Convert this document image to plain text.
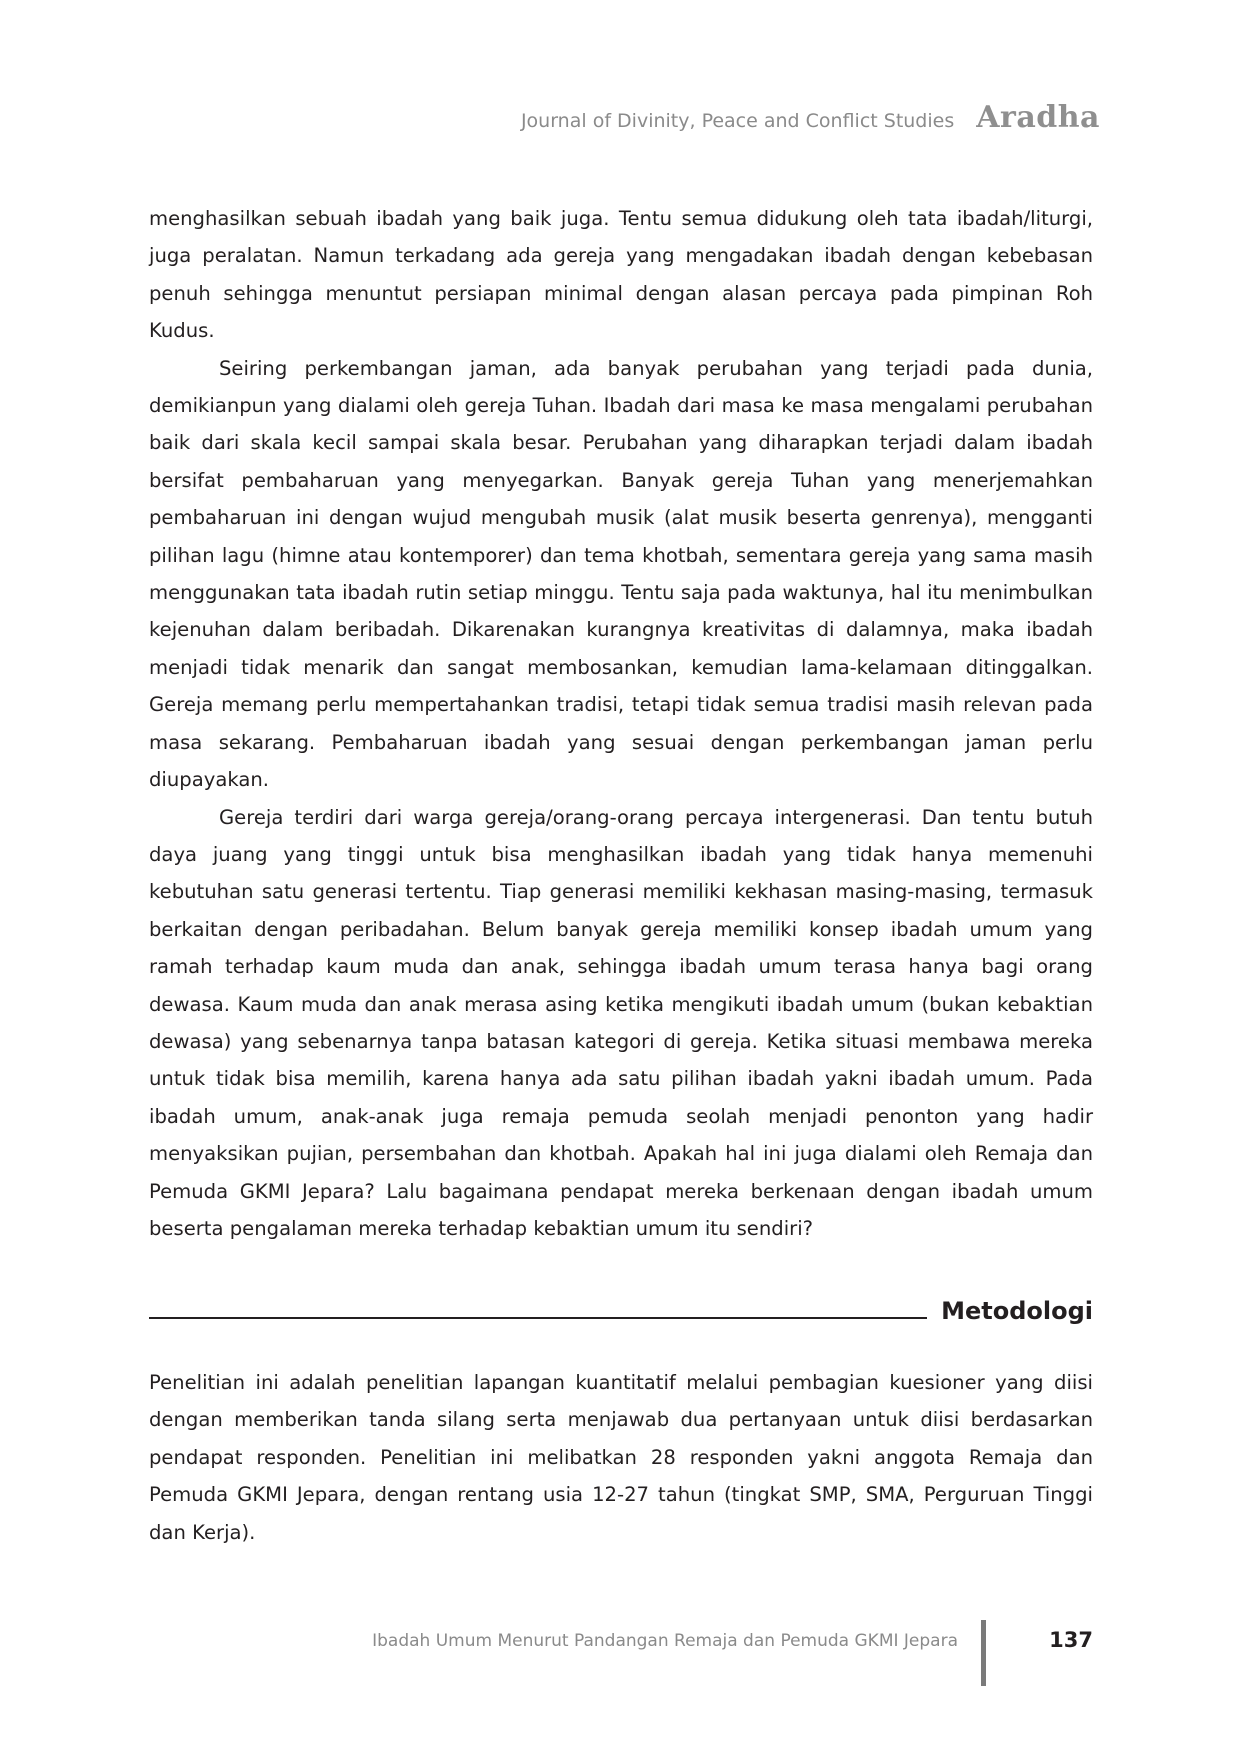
Journal of Divinity, Peace and Conflict Studies Aradha

menghasilkan sebuah ibadah yang baik juga. Tentu semua didukung oleh tata ibadah/liturgi, juga peralatan. Namun terkadang ada gereja yang mengadakan ibadah dengan kebebasan penuh sehingga menuntut persiapan minimal dengan alasan percaya pada pimpinan Roh Kudus.

Seiring perkembangan jaman, ada banyak perubahan yang terjadi pada dunia, demikianpun yang dialami oleh gereja Tuhan. Ibadah dari masa ke masa mengalami perubahan baik dari skala kecil sampai skala besar. Perubahan yang diharapkan terjadi dalam ibadah bersifat pembaharuan yang menyegarkan. Banyak gereja Tuhan yang menerjemahkan pembaharuan ini dengan wujud mengubah musik (alat musik beserta genrenya), mengganti pilihan lagu (himne atau kontemporer) dan tema khotbah, sementara gereja yang sama masih menggunakan tata ibadah rutin setiap minggu. Tentu saja pada waktunya, hal itu menimbulkan kejenuhan dalam beribadah. Dikarenakan kurangnya kreativitas di dalamnya, maka ibadah menjadi tidak menarik dan sangat membosankan, kemudian lama-kelamaan ditinggalkan. Gereja memang perlu mempertahankan tradisi, tetapi tidak semua tradisi masih relevan pada masa sekarang. Pembaharuan ibadah yang sesuai dengan perkembangan jaman perlu diupayakan.

Gereja terdiri dari warga gereja/orang-orang percaya intergenerasi. Dan tentu butuh daya juang yang tinggi untuk bisa menghasilkan ibadah yang tidak hanya memenuhi kebutuhan satu generasi tertentu. Tiap generasi memiliki kekhasan masing-masing, termasuk berkaitan dengan peribadahan. Belum banyak gereja memiliki konsep ibadah umum yang ramah terhadap kaum muda dan anak, sehingga ibadah umum terasa hanya bagi orang dewasa. Kaum muda dan anak merasa asing ketika mengikuti ibadah umum (bukan kebaktian dewasa) yang sebenarnya tanpa batasan kategori di gereja. Ketika situasi membawa mereka untuk tidak bisa memilih, karena hanya ada satu pilihan ibadah yakni ibadah umum. Pada ibadah umum, anak-anak juga remaja pemuda seolah menjadi penonton yang hadir menyaksikan pujian, persembahan dan khotbah. Apakah hal ini juga dialami oleh Remaja dan Pemuda GKMI Jepara? Lalu bagaimana pendapat mereka berkenaan dengan ibadah umum beserta pengalaman mereka terhadap kebaktian umum itu sendiri?

Metodologi

Penelitian ini adalah penelitian lapangan kuantitatif melalui pembagian kuesioner yang diisi dengan memberikan tanda silang serta menjawab dua pertanyaan untuk diisi berdasarkan pendapat responden. Penelitian ini melibatkan 28 responden yakni anggota Remaja dan Pemuda GKMI Jepara, dengan rentang usia 12-27 tahun (tingkat SMP, SMA, Perguruan Tinggi dan Kerja).

Ibadah Umum Menurut Pandangan Remaja dan Pemuda GKMI Jepara	137
